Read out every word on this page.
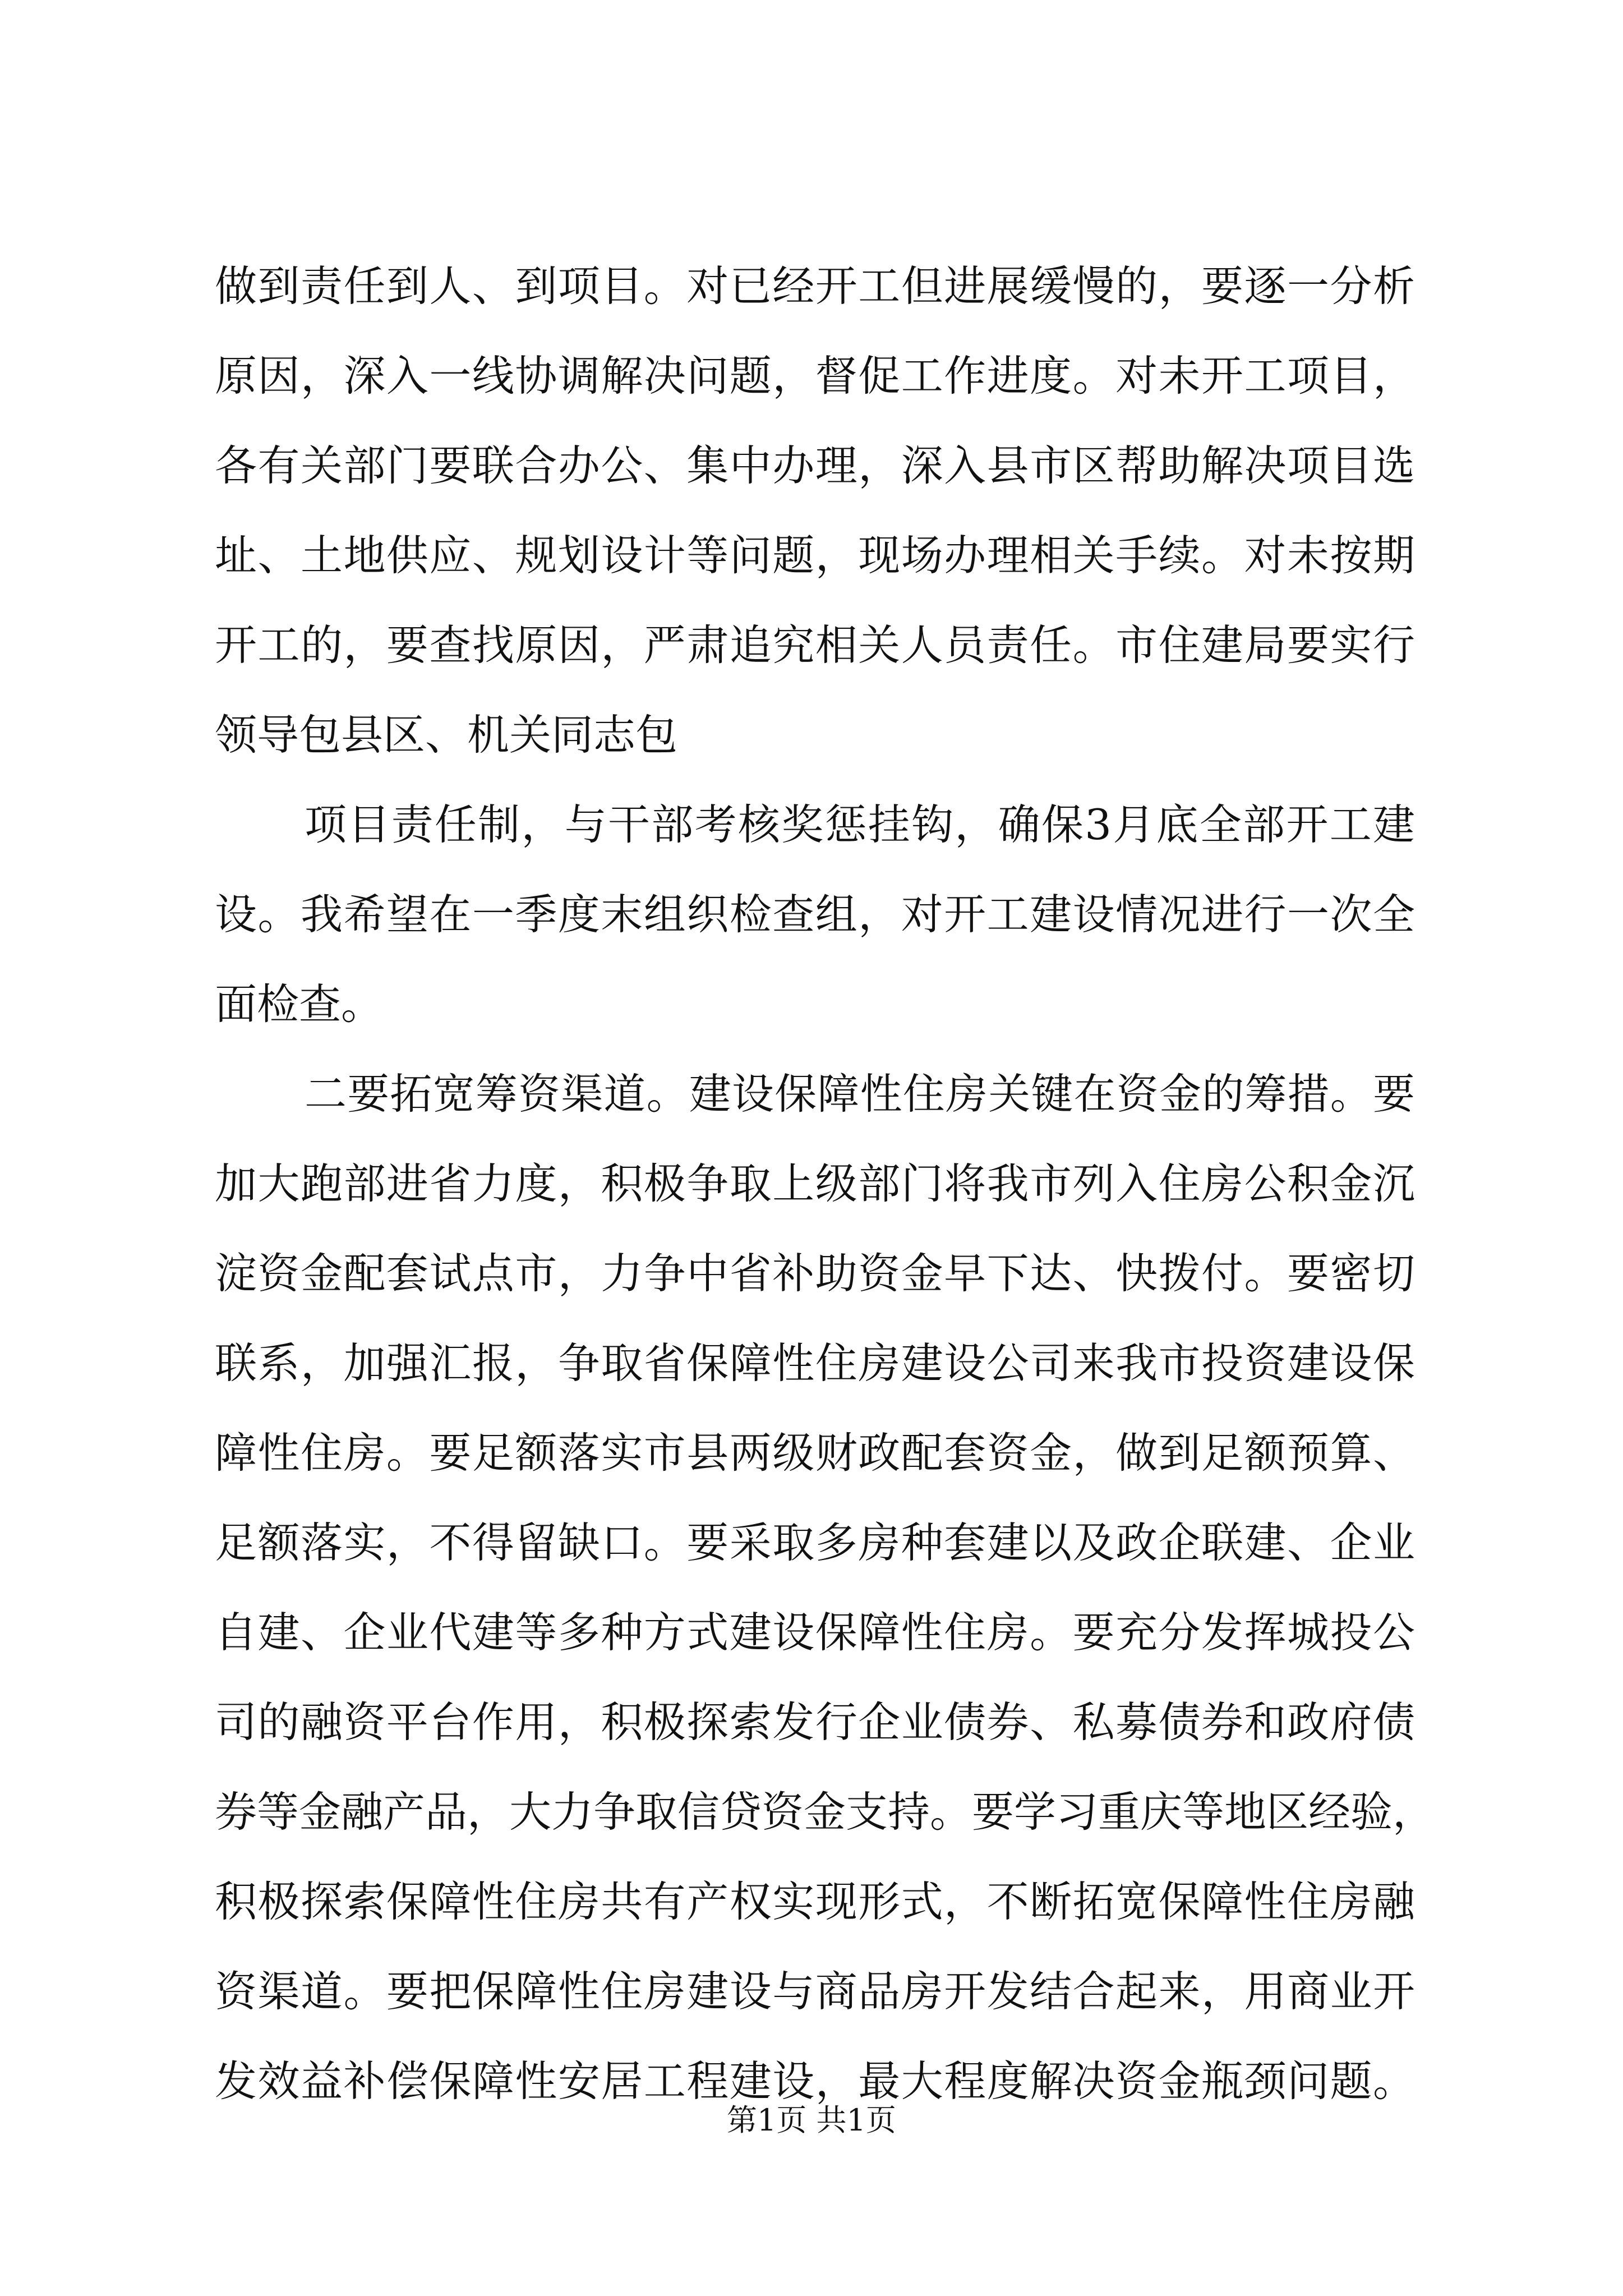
做到责任到人、到项目。对已经开工但进展缓慢的，要逐一分析
原因，深入一线协调解决问题，督促工作进度。对未开工项目，
各有关部门要联合办公、集中办理，深入县市区帮助解决项目选
址、土地供应、规划设计等问题，现场办理相关手续。对未按期
开工的，要查找原因，严肃追究相关人员责任。市住建局要实行
领导包县区、机关同志包
项目责任制，与干部考核奖惩挂钩，确保3月底全部开工建
设。我希望在一季度末组织检查组，对开工建设情况进行一次全
面检查。
二要拓宽筹资渠道。建设保障性住房关键在资金的筹措。要
加大跑部进省力度，积极争取上级部门将我市列入住房公积金沉
淀资金配套试点市，力争中省补助资金早下达、快拨付。要密切
联系，加强汇报，争取省保障性住房建设公司来我市投资建设保
障性住房。要足额落实市县两级财政配套资金，做到足额预算、
足额落实，不得留缺口。要采取多房种套建以及政企联建、企业
自建、企业代建等多种方式建设保障性住房。要充分发挥城投公
司的融资平台作用，积极探索发行企业债券、私募债券和政府债
券等金融产品，大力争取信贷资金支持。要学习重庆等地区经验，
积极探索保障性住房共有产权实现形式，不断拓宽保障性住房融
资渠道。要把保障性住房建设与商品房开发结合起来，用商业开
发效益补偿保障性安居工程建设，最大程度解决资金瓶颈问题。
第1页 共1页
